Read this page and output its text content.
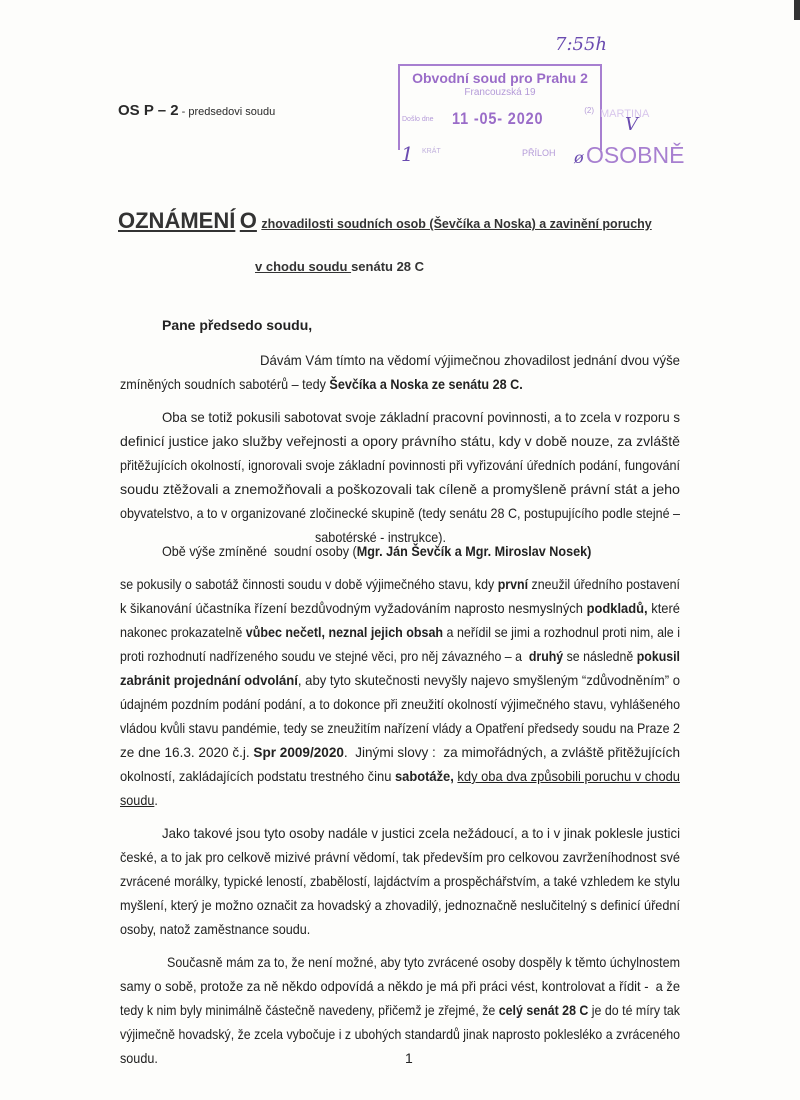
OS P – 2 - predsedovi soudu
7:55h
Obvodní soud pro Prahu 2
Francouzská 19
Došlo dne 11 -05- 2020	(2)
KRÁT	PŘÍLOH
1
V
ø
MARTINA
OSOBNĚ
OZNÁMENÍ O zhovadilosti soudních osob (Ševčíka a Noska) a zavinění poruchy
v chodu soudu senátu 28 C
Pane předsedo soudu,
Dávám Vám tímto na vědomí výjimečnou zhovadilost jednání dvou výše
zmíněných soudních sabotérů – tedy Ševčíka a Noska ze senátu 28 C.
Oba se totiž pokusili sabotovat svoje základní pracovní povinnosti, a to zcela v rozporu s
definicí justice jako služby veřejnosti a opory právního státu, kdy v době nouze, za zvláště
přitěžujících okolností, ignorovali svoje základní povinnosti při vyřizování úředních podání, fungování
soudu ztěžovali a znemožňovali a poškozovali tak cíleně a promyšleně právní stát a jeho
obyvatelstvo, a to v organizované zločinecké skupině (tedy senátu 28 C, postupujícího podle stejné –
sabotérské - instrukce).
Obě výše zmíněné  soudní osoby (Mgr. Ján Ševčík a Mgr. Miroslav Nosek)
se pokusily o sabotáž činnosti soudu v době výjimečného stavu, kdy první zneužil úředního postavení
k šikanování účastníka řízení bezdůvodným vyžadováním naprosto nesmyslných podkladů, které
nakonec prokazatelně vůbec nečetl, neznal jejich obsah a neřídil se jimi a rozhodnul proti nim, ale i
proti rozhodnutí nadřízeného soudu ve stejné věci, pro něj závazného – a  druhý se následně pokusil
zabránit projednání odvolání, aby tyto skutečnosti nevyšly najevo smyšleným “zdůvodněním” o
údajném pozdním podání podání, a to dokonce při zneužití okolností výjimečného stavu, vyhlášeného
vládou kvůli stavu pandémie, tedy se zneužitím nařízení vlády a Opatření předsedy soudu na Praze 2
ze dne 16.3. 2020 č.j. Spr 2009/2020.  Jinými slovy :  za mimořádných, a zvláště přitěžujících
okolností, zakládajících podstatu trestného činu sabotáže, kdy oba dva způsobili poruchu v chodu
soudu.
Jako takové jsou tyto osoby nadále v justici zcela nežádoucí, a to i v jinak poklesle justici
české, a to jak pro celkově mizivé právní vědomí, tak především pro celkovou zavrženíhodnost své
zvrácené morálky, typické leností, zbabělostí, lajdáctvím a prospěchářstvím, a také vzhledem ke stylu
myšlení, který je možno označit za hovadský a zhovadilý, jednoznačně neslučitelný s definicí úřední
osoby, natož zaměstnance soudu.
Současně mám za to, že není možné, aby tyto zvrácené osoby dospěly k těmto úchylnostem
samy o sobě, protože za ně někdo odpovídá a někdo je má při práci vést, kontrolovat a řídit -  a že
tedy k nim byly minimálně částečně navedeny, přičemž je zřejmé, že celý senát 28 C je do té míry tak
výjimečně hovadský, že zcela vybočuje i z ubohých standardů jinak naprosto poklesléko a zvráceného
soudu.	1
